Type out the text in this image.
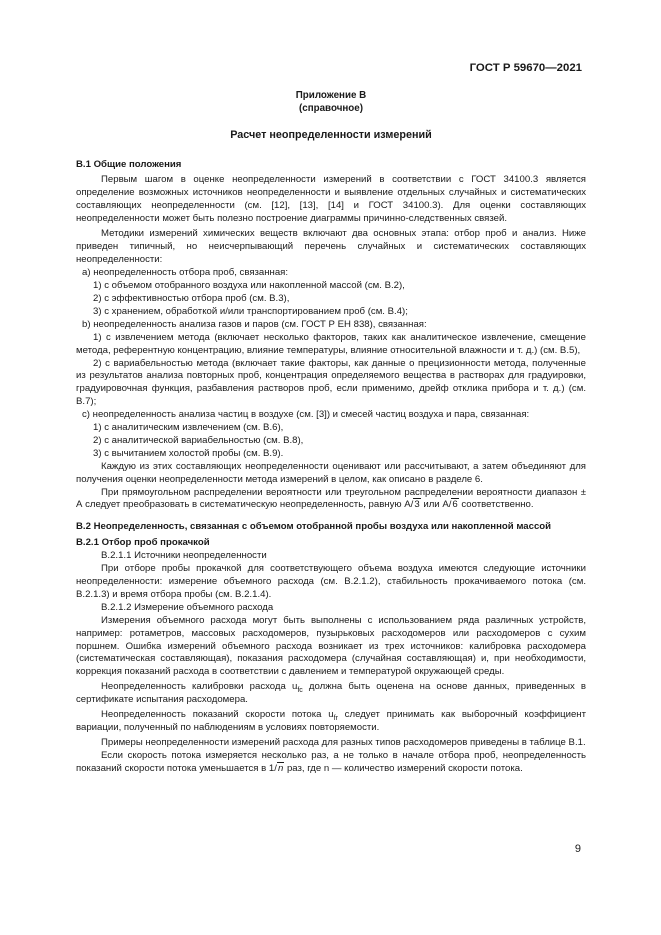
ГОСТ Р 59670—2021
Приложение В
(справочное)
Расчет неопределенности измерений
В.1 Общие положения

Первым шагом в оценке неопределенности измерений в соответствии с ГОСТ 34100.3 является определение возможных источников неопределенности и выявление отдельных случайных и систематических составляющих неопределенности (см. [12], [13], [14] и ГОСТ 34100.3). Для оценки составляющих неопределенности может быть полезно построение диаграммы причинно-следственных связей.

Методики измерений химических веществ включают два основных этапа: отбор проб и анализ. Ниже приведен типичный, но неисчерпывающий перечень случайных и систематических составляющих неопределенности:

а) неопределенность отбора проб, связанная:

1) с объемом отобранного воздуха или накопленной массой (см. В.2),

2) с эффективностью отбора проб (см. В.3),

3) с хранением, обработкой и/или транспортированием проб (см. В.4);

b) неопределенность анализа газов и паров (см. ГОСТ Р ЕН 838), связанная:

1) с извлечением метода (включает несколько факторов, таких как аналитическое извлечение, смещение метода, референтную концентрацию, влияние температуры, влияние относительной влажности и т. д.) (см. В.5),

2) с вариабельностью метода (включает такие факторы, как данные о прецизионности метода, полученные из результатов анализа повторных проб, концентрация определяемого вещества в растворах для градуировки, градуировочная функция, разбавления растворов проб, если применимо, дрейф отклика прибора и т. д.) (см. В.7);

с) неопределенность анализа частиц в воздухе (см. [3]) и смесей частиц воздуха и пара, связанная:

1) с аналитическим извлечением (см. В.6),

2) с аналитической вариабельностью (см. В.8),

3) с вычитанием холостой пробы (см. В.9).

Каждую из этих составляющих неопределенности оценивают или рассчитывают, а затем объединяют для получения оценки неопределенности метода измерений в целом, как описано в разделе 6.

При прямоугольном распределении вероятности или треугольном распределении вероятности диапазон ± А следует преобразовать в систематическую неопределенность, равную А/3 или А/6 соответственно.

В.2 Неопределенность, связанная с объемом отобранной пробы воздуха или накопленной массой
В.2.1 Отбор проб прокачкой

В.2.1.1 Источники неопределенности

При отборе пробы прокачкой для соответствующего объема воздуха имеются следующие источники неопределенности: измерение объемного расхода (см. В.2.1.2), стабильность прокачиваемого потока (см. В.2.1.3) и время отбора пробы (см. В.2.1.4).

В.2.1.2 Измерение объемного расхода

Измерения объемного расхода могут быть выполнены с использованием ряда различных устройств, например: ротаметров, массовых расходомеров, пузырьковых расходомеров или расходомеров с сухим поршнем. Ошибка измерений объемного расхода возникает из трех источников: калибровка расходомера (систематическая составляющая), показания расходомера (случайная составляющая) и, при необходимости, коррекция показаний расхода в соответствии с давлением и температурой окружающей среды.

Неопределенность калибровки расхода $u_{fc}$ должна быть оценена на основе данных, приведенных в сертификате испытания расходомера.

Неопределенность показаний скорости потока $u_{fr}$ следует принимать как выборочный коэффициент вариации, полученный по наблюдениям в условиях повторяемости.

Примеры неопределенности измерений расхода для разных типов расходомеров приведены в таблице В.1.

Если скорость потока измеряется несколько раз, а не только в начале отбора проб, неопределенность показаний скорости потока уменьшается в 1/n раз, где n — количество измерений скорости потока.

9
